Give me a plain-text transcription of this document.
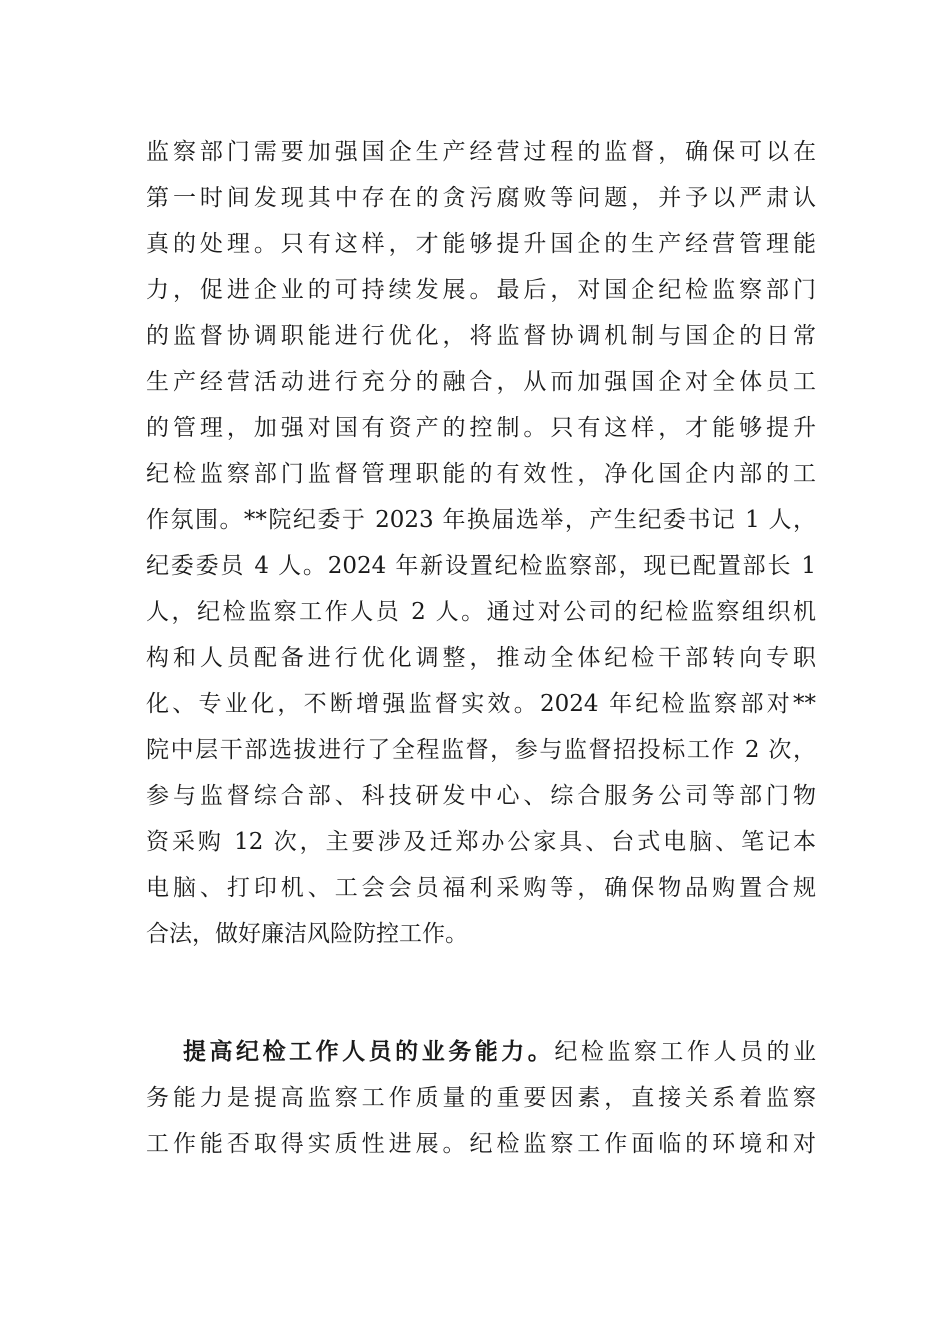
监察部门需要加强国企生产经营过程的监督，确保可以在
第一时间发现其中存在的贪污腐败等问题，并予以严肃认
真的处理。只有这样，才能够提升国企的生产经营管理能
力，促进企业的可持续发展。最后，对国企纪检监察部门
的监督协调职能进行优化，将监督协调机制与国企的日常
生产经营活动进行充分的融合，从而加强国企对全体员工
的管理，加强对国有资产的控制。只有这样，才能够提升
纪检监察部门监督管理职能的有效性，净化国企内部的工
作氛围。**院纪委于 2023 年换届选举，产生纪委书记 1 人，
纪委委员 4 人。2024 年新设置纪检监察部，现已配置部长 1
人，纪检监察工作人员 2 人。通过对公司的纪检监察组织机
构和人员配备进行优化调整，推动全体纪检干部转向专职
化、专业化，不断增强监督实效。2024 年纪检监察部对**
院中层干部选拔进行了全程监督，参与监督招投标工作 2 次，
参与监督综合部、科技研发中心、综合服务公司等部门物
资采购 12 次，主要涉及迁郑办公家具、台式电脑、笔记本
电脑、打印机、工会会员福利采购等，确保物品购置合规
合法，做好廉洁风险防控工作。
提高纪检工作人员的业务能力。纪检监察工作人员的业
务能力是提高监察工作质量的重要因素，直接关系着监察
工作能否取得实质性进展。纪检监察工作面临的环境和对
